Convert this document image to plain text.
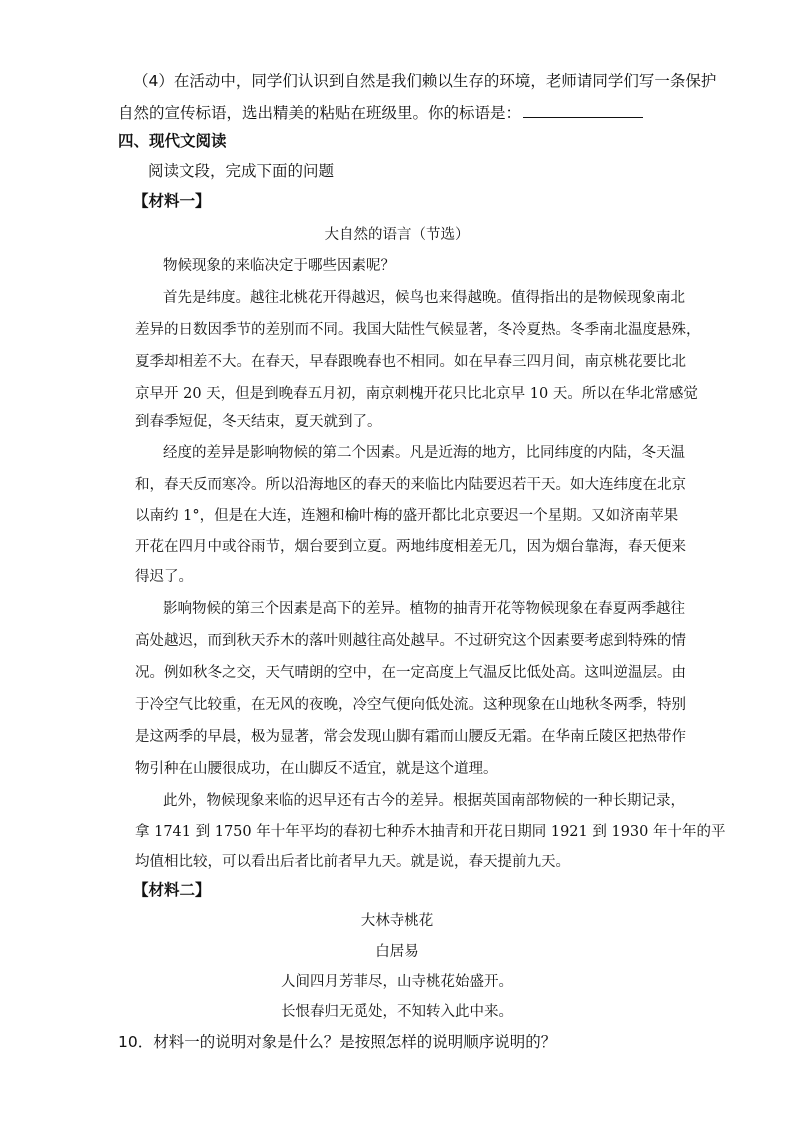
（4）在活动中，同学们认识到自然是我们赖以生存的环境，老师请同学们写一条保护
自然的宣传标语，选出精美的粘贴在班级里。你的标语是：
四、现代文阅读
阅读文段，完成下面的问题
【材料一】
大自然的语言（节选）
物候现象的来临决定于哪些因素呢？
首先是纬度。越往北桃花开得越迟，候鸟也来得越晚。值得指出的是物候现象南北
差异的日数因季节的差别而不同。我国大陆性气候显著，冬冷夏热。冬季南北温度悬殊，
夏季却相差不大。在春天，早春跟晚春也不相同。如在早春三四月间，南京桃花要比北
京早开 20 天，但是到晚春五月初，南京刺槐开花只比北京早 10 天。所以在华北常感觉
到春季短促，冬天结束，夏天就到了。
经度的差异是影响物候的第二个因素。凡是近海的地方，比同纬度的内陆，冬天温
和，春天反而寒冷。所以沿海地区的春天的来临比内陆要迟若干天。如大连纬度在北京
以南约 1°，但是在大连，连翘和榆叶梅的盛开都比北京要迟一个星期。又如济南苹果
开花在四月中或谷雨节，烟台要到立夏。两地纬度相差无几，因为烟台靠海，春天便来
得迟了。
影响物候的第三个因素是高下的差异。植物的抽青开花等物候现象在春夏两季越往
高处越迟，而到秋天乔木的落叶则越往高处越早。不过研究这个因素要考虑到特殊的情
况。例如秋冬之交，天气晴朗的空中，在一定高度上气温反比低处高。这叫逆温层。由
于冷空气比较重，在无风的夜晚，冷空气便向低处流。这种现象在山地秋冬两季，特别
是这两季的早晨，极为显著，常会发现山脚有霜而山腰反无霜。在华南丘陵区把热带作
物引种在山腰很成功，在山脚反不适宜，就是这个道理。
此外，物候现象来临的迟早还有古今的差异。根据英国南部物候的一种长期记录，
拿 1741 到 1750 年十年平均的春初七种乔木抽青和开花日期同 1921 到 1930 年十年的平
均值相比较，可以看出后者比前者早九天。就是说，春天提前九天。
【材料二】
大林寺桃花
白居易
人间四月芳菲尽，山寺桃花始盛开。
长恨春归无觅处，不知转入此中来。
10．材料一的说明对象是什么？是按照怎样的说明顺序说明的？
